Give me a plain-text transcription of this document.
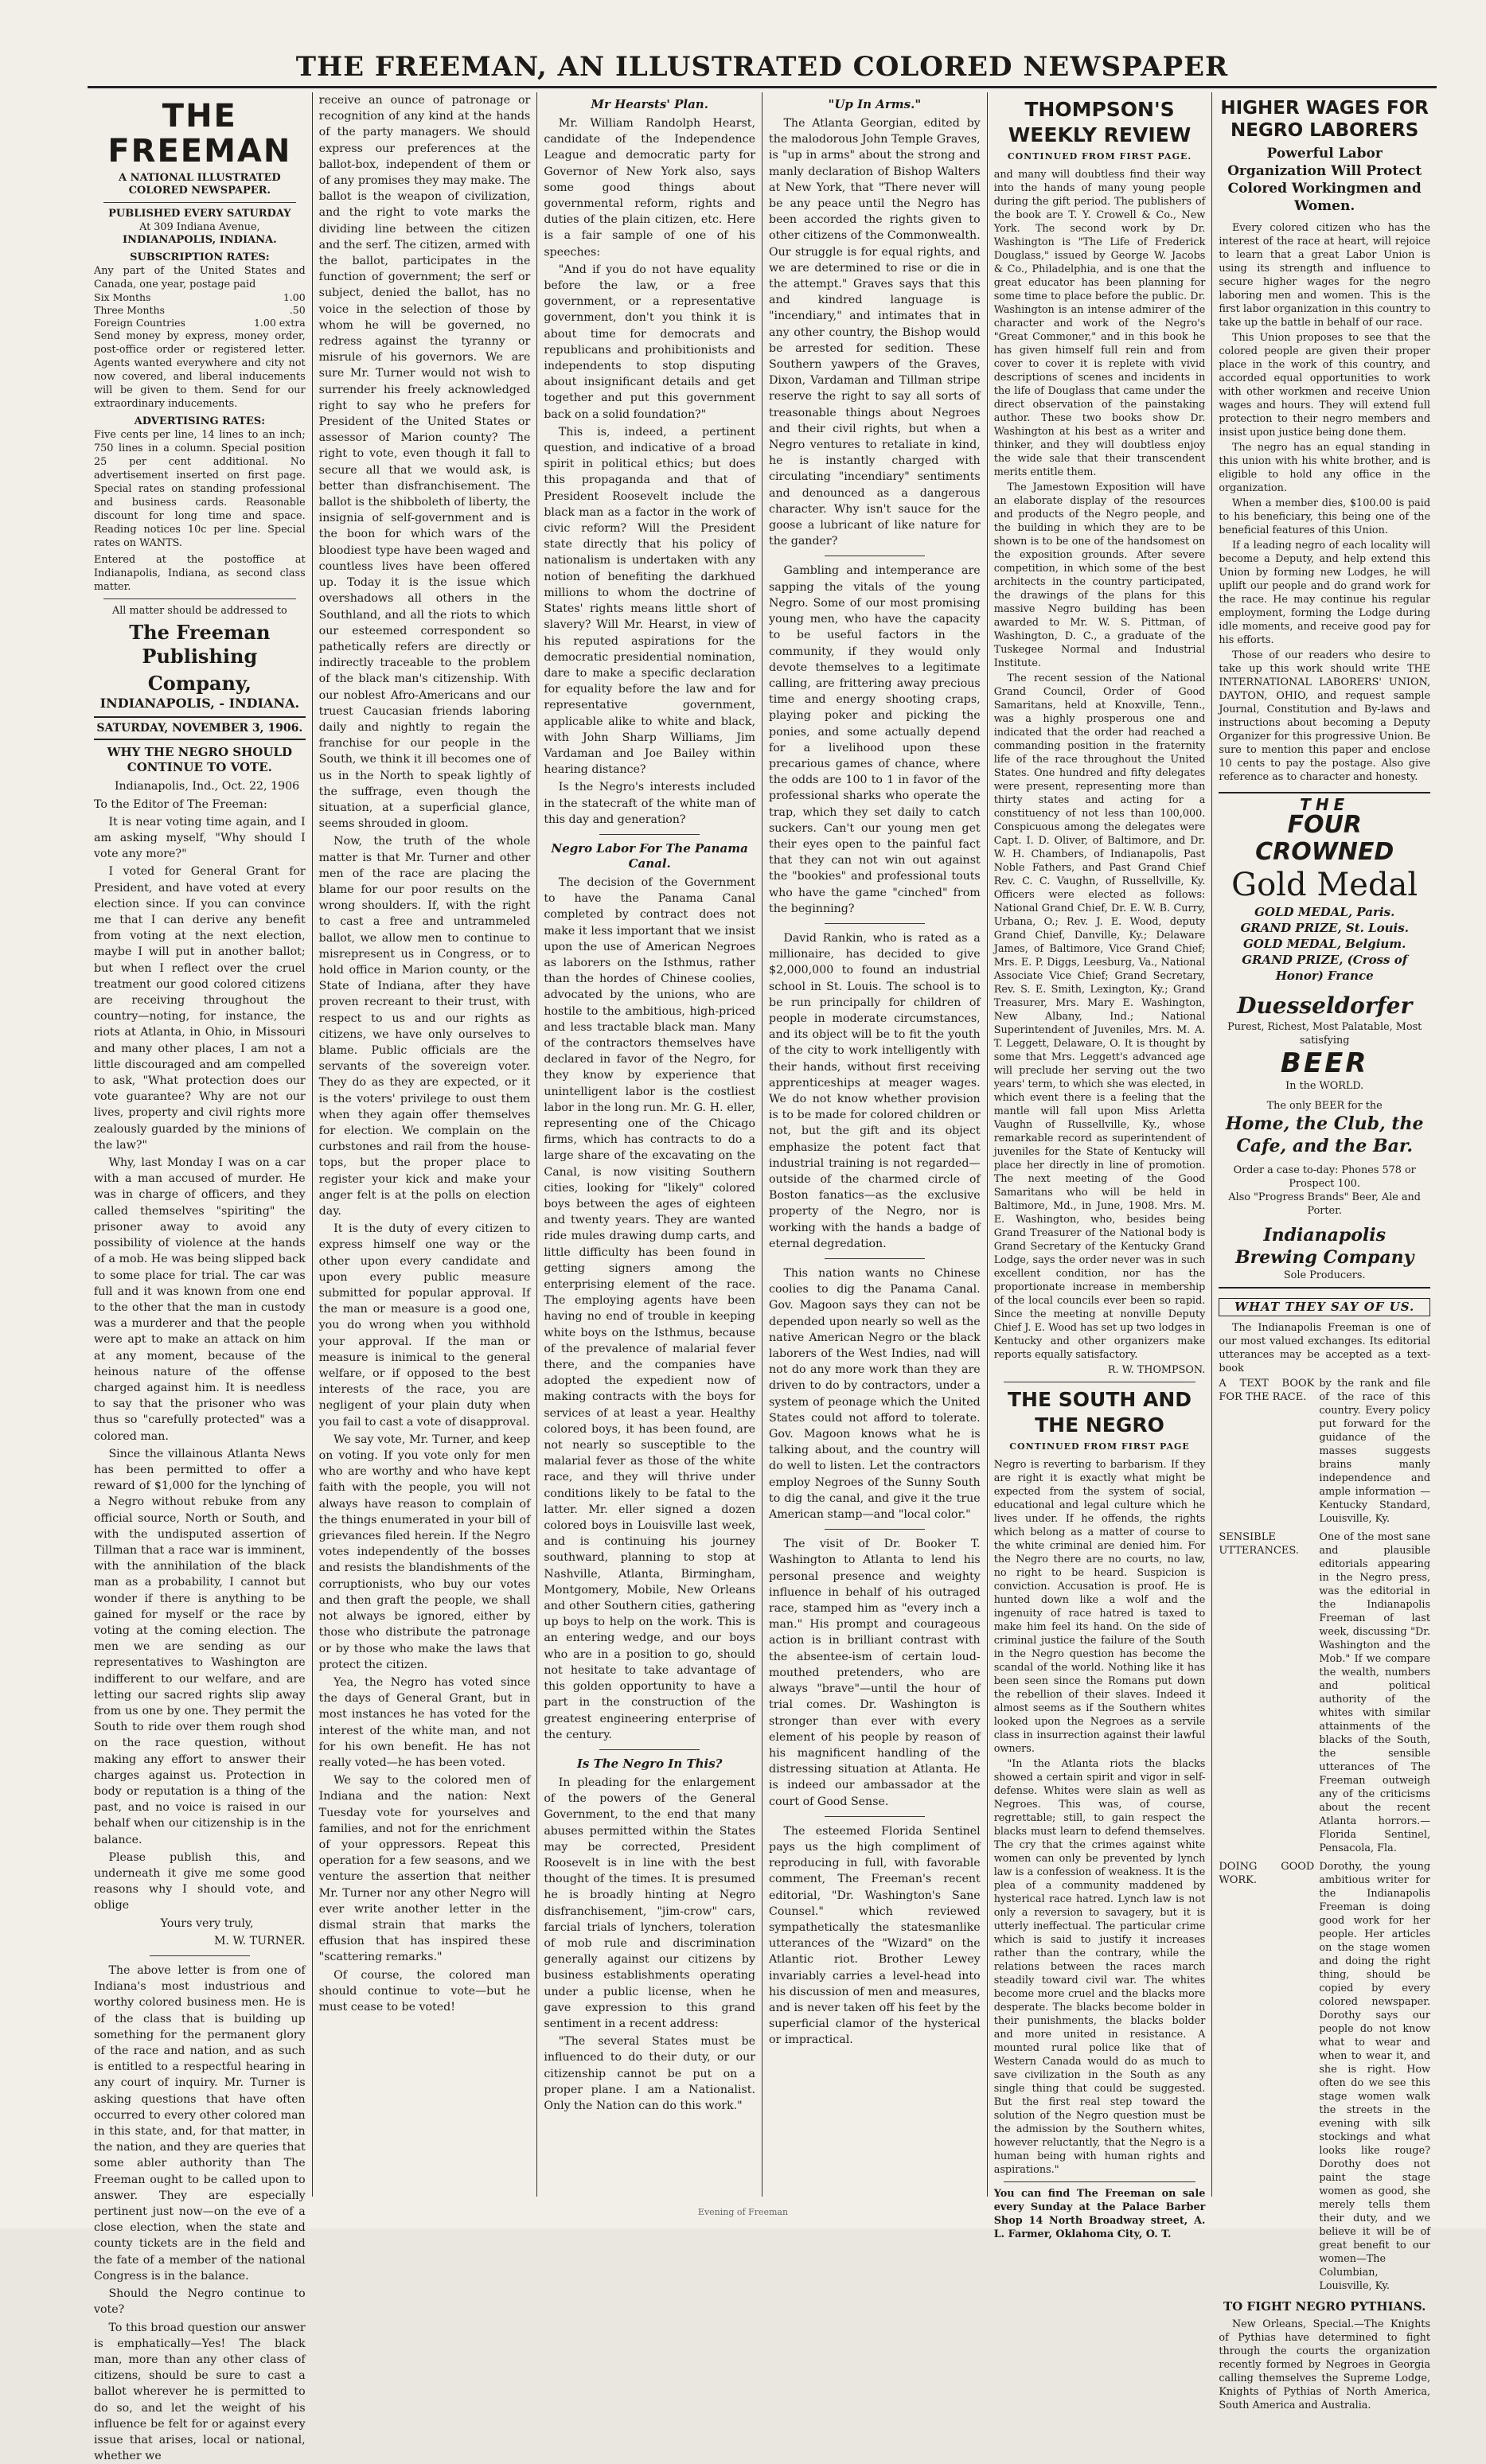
THE FREEMAN, AN ILLUSTRATED COLORED NEWSPAPER
THE FREEMAN
A NATIONAL ILLUSTRATED
COLORED NEWSPAPER.
PUBLISHED EVERY SATURDAY
At 309 Indiana Avenue,
INDIANAPOLIS, INDIANA.
SUBSCRIPTION RATES:
Any part of the United States and Canada, one year, postage paid
Six Months	1.00
Three Months	.50
Foreign Countries	1.00 extra
Send money by express, money order, post-office order or registered letter. Agents wanted everywhere and city not now covered, and liberal inducements will be given to them. Send for our extraordinary inducements.
ADVERTISING RATES:
Five cents per line, 14 lines to an inch; 750 lines in a column. Special position 25 per cent additional. No advertisement inserted on first page. Special rates on standing professional and business cards. Reasonable discount for long time and space. Reading notices 10c per line. Special rates on WANTS.
Entered at the postoffice at Indianapolis, Indiana, as second class matter.
All matter should be addressed to
The Freeman Publishing
Company,
INDIANAPOLIS, - INDIANA.
SATURDAY, NOVEMBER 3, 1906.
WHY THE NEGRO SHOULD CONTINUE TO VOTE.

Indianapolis, Ind., Oct. 22, 1906

To the Editor of The Freeman:

It is near voting time again, and I am asking myself, "Why should I vote any more?"

I voted for General Grant for President, and have voted at every election since. If you can convince me that I can derive any benefit from voting at the next election, maybe I will put in another ballot; but when I reflect over the cruel treatment our good colored citizens are receiving throughout the country—noting, for instance, the riots at Atlanta, in Ohio, in Missouri and many other places, I am not a little discouraged and am compelled to ask, "What protection does our vote guarantee? Why are not our lives, property and civil rights more zealously guarded by the minions of the law?"

Why, last Monday I was on a car with a man accused of murder. He was in charge of officers, and they called themselves "spiriting" the prisoner away to avoid any possibility of violence at the hands of a mob. He was being slipped back to some place for trial. The car was full and it was known from one end to the other that the man in custody was a murderer and that the people were apt to make an attack on him at any moment, because of the heinous nature of the offense charged against him. It is needless to say that the prisoner who was thus so "carefully protected" was a colored man.

Since the villainous Atlanta News has been permitted to offer a reward of $1,000 for the lynching of a Negro without rebuke from any official source, North or South, and with the undisputed assertion of Tillman that a race war is imminent, with the annihilation of the black man as a probability, I cannot but wonder if there is anything to be gained for myself or the race by voting at the coming election. The men we are sending as our representatives to Washington are indifferent to our welfare, and are letting our sacred rights slip away from us one by one. They permit the South to ride over them rough shod on the race question, without making any effort to answer their charges against us. Protection in body or reputation is a thing of the past, and no voice is raised in our behalf when our citizenship is in the balance.

Please publish this, and underneath it give me some good reasons why I should vote, and oblige

Yours very truly,

M. W. TURNER.

The above letter is from one of Indiana's most industrious and worthy colored business men. He is of the class that is building up something for the permanent glory of the race and nation, and as such is entitled to a respectful hearing in any court of inquiry. Mr. Turner is asking questions that have often occurred to every other colored man in this state, and, for that matter, in the nation, and they are queries that some abler authority than The Freeman ought to be called upon to answer. They are especially pertinent just now—on the eve of a close election, when the state and county tickets are in the field and the fate of a member of the national Congress is in the balance.

Should the Negro continue to vote?

To this broad question our answer is emphatically—Yes! The black man, more than any other class of citizens, should be sure to cast a ballot wherever he is permitted to do so, and let the weight of his influence be felt for or against every issue that arises, local or national, whether we

receive an ounce of patronage or recognition of any kind at the hands of the party managers. We should express our preferences at the ballot-box, independent of them or of any promises they may make. The ballot is the weapon of civilization, and the right to vote marks the dividing line between the citizen and the serf. The citizen, armed with the ballot, participates in the function of government; the serf or subject, denied the ballot, has no voice in the selection of those by whom he will be governed, no redress against the tyranny or misrule of his governors. We are sure Mr. Turner would not wish to surrender his freely acknowledged right to say who he prefers for President of the United States or assessor of Marion county? The right to vote, even though it fall to secure all that we would ask, is better than disfranchisement. The ballot is the shibboleth of liberty, the insignia of self-government and is the boon for which wars of the bloodiest type have been waged and countless lives have been offered up. Today it is the issue which overshadows all others in the Southland, and all the riots to which our esteemed correspondent so pathetically refers are directly or indirectly traceable to the problem of the black man's citizenship. With our noblest Afro-Americans and our truest Caucasian friends laboring daily and nightly to regain the franchise for our people in the South, we think it ill becomes one of us in the North to speak lightly of the suffrage, even though the situation, at a superficial glance, seems shrouded in gloom.

Now, the truth of the whole matter is that Mr. Turner and other men of the race are placing the blame for our poor results on the wrong shoulders. If, with the right to cast a free and untrammeled ballot, we allow men to continue to misrepresent us in Congress, or to hold office in Marion county, or the State of Indiana, after they have proven recreant to their trust, with respect to us and our rights as citizens, we have only ourselves to blame. Public officials are the servants of the sovereign voter. They do as they are expected, or it is the voters' privilege to oust them when they again offer themselves for election. We complain on the curbstones and rail from the house-tops, but the proper place to register your kick and make your anger felt is at the polls on election day.

It is the duty of every citizen to express himself one way or the other upon every candidate and upon every public measure submitted for popular approval. If the man or measure is a good one, you do wrong when you withhold your approval. If the man or measure is inimical to the general welfare, or if opposed to the best interests of the race, you are negligent of your plain duty when you fail to cast a vote of disapproval.

We say vote, Mr. Turner, and keep on voting. If you vote only for men who are worthy and who have kept faith with the people, you will not always have reason to complain of the things enumerated in your bill of grievances filed herein. If the Negro votes independently of the bosses and resists the blandishments of the corruptionists, who buy our votes and then graft the people, we shall not always be ignored, either by those who distribute the patronage or by those who make the laws that protect the citizen.

Yea, the Negro has voted since the days of General Grant, but in most instances he has voted for the interest of the white man, and not for his own benefit. He has not really voted—he has been voted.

We say to the colored men of Indiana and the nation: Next Tuesday vote for yourselves and families, and not for the enrichment of your oppressors. Repeat this operation for a few seasons, and we venture the assertion that neither Mr. Turner nor any other Negro will ever write another letter in the dismal strain that marks the effusion that has inspired these "scattering remarks."

Of course, the colored man should continue to vote—but he must cease to be voted!

Mr Hearsts' Plan.

Mr. William Randolph Hearst, candidate of the Independence League and democratic party for Governor of New York also, says some good things about governmental reform, rights and duties of the plain citizen, etc. Here is a fair sample of one of his speeches:

"And if you do not have equality before the law, or a free government, or a representative government, don't you think it is about time for democrats and republicans and prohibitionists and independents to stop disputing about insignificant details and get together and put this government back on a solid foundation?"

This is, indeed, a pertinent question, and indicative of a broad spirit in political ethics; but does this propaganda and that of President Roosevelt include the black man as a factor in the work of civic reform? Will the President state directly that his policy of nationalism is undertaken with any notion of benefiting the darkhued millions to whom the doctrine of States' rights means little short of slavery? Will Mr. Hearst, in view of his reputed aspirations for the democratic presidential nomination, dare to make a specific declaration for equality before the law and for representative government, applicable alike to white and black, with John Sharp Williams, Jim Vardaman and Joe Bailey within hearing distance?

Is the Negro's interests included in the statecraft of the white man of this day and generation?

Negro Labor For The Panama Canal.

The decision of the Government to have the Panama Canal completed by contract does not make it less important that we insist upon the use of American Negroes as laborers on the Isthmus, rather than the hordes of Chinese coolies, advocated by the unions, who are hostile to the ambitious, high-priced and less tractable black man. Many of the contractors themselves have declared in favor of the Negro, for they know by experience that unintelligent labor is the costliest labor in the long run. Mr. G. H. eller, representing one of the Chicago firms, which has contracts to do a large share of the excavating on the Canal, is now visiting Southern cities, looking for "likely" colored boys between the ages of eighteen and twenty years. They are wanted ride mules drawing dump carts, and little difficulty has been found in getting signers among the enterprising element of the race. The employing agents have been having no end of trouble in keeping white boys on the Isthmus, because of the prevalence of malarial fever there, and the companies have adopted the expedient now of making contracts with the boys for services of at least a year. Healthy colored boys, it has been found, are not nearly so susceptible to the malarial fever as those of the white race, and they will thrive under conditions likely to be fatal to the latter. Mr. eller signed a dozen colored boys in Louisville last week, and is continuing his journey southward, planning to stop at Nashville, Atlanta, Birmingham, Montgomery, Mobile, New Orleans and other Southern cities, gathering up boys to help on the work. This is an entering wedge, and our boys who are in a position to go, should not hesitate to take advantage of this golden opportunity to have a part in the construction of the greatest engineering enterprise of the century.

Is The Negro In This?

In pleading for the enlargement of the powers of the General Government, to the end that many abuses permitted within the States may be corrected, President Roosevelt is in line with the best thought of the times. It is presumed he is broadly hinting at Negro disfranchisement, "jim-crow" cars, farcial trials of lynchers, toleration of mob rule and discrimination generally against our citizens by business establishments operating under a public license, when he gave expression to this grand sentiment in a recent address:

"The several States must be influenced to do their duty, or our citizenship cannot be put on a proper plane. I am a Nationalist. Only the Nation can do this work."

"Up In Arms."

The Atlanta Georgian, edited by the malodorous John Temple Graves, is "up in arms" about the strong and manly declaration of Bishop Walters at New York, that "There never will be any peace until the Negro has been accorded the rights given to other citizens of the Commonwealth. Our struggle is for equal rights, and we are determined to rise or die in the attempt." Graves says that this and kindred language is "incendiary," and intimates that in any other country, the Bishop would be arrested for sedition. These Southern yawpers of the Graves, Dixon, Vardaman and Tillman stripe reserve the right to say all sorts of treasonable things about Negroes and their civil rights, but when a Negro ventures to retaliate in kind, he is instantly charged with circulating "incendiary" sentiments and denounced as a dangerous character. Why isn't sauce for the goose a lubricant of like nature for the gander?

Gambling and intemperance are sapping the vitals of the young Negro. Some of our most promising young men, who have the capacity to be useful factors in the community, if they would only devote themselves to a legitimate calling, are frittering away precious time and energy shooting craps, playing poker and picking the ponies, and some actually depend for a livelihood upon these precarious games of chance, where the odds are 100 to 1 in favor of the professional sharks who operate the trap, which they set daily to catch suckers. Can't our young men get their eyes open to the painful fact that they can not win out against the "bookies" and professional touts who have the game "cinched" from the beginning?

David Rankin, who is rated as a millionaire, has decided to give $2,000,000 to found an industrial school in St. Louis. The school is to be run principally for children of people in moderate circumstances, and its object will be to fit the youth of the city to work intelligently with their hands, without first receiving apprenticeships at meager wages. We do not know whether provision is to be made for colored children or not, but the gift and its object emphasize the potent fact that industrial training is not regarded—outside of the charmed circle of Boston fanatics—as the exclusive property of the Negro, nor is working with the hands a badge of eternal degredation.

This nation wants no Chinese coolies to dig the Panama Canal. Gov. Magoon says they can not be depended upon nearly so well as the native American Negro or the black laborers of the West Indies, nad will not do any more work than they are driven to do by contractors, under a system of peonage which the United States could not afford to tolerate. Gov. Magoon knows what he is talking about, and the country will do well to listen. Let the contractors employ Negroes of the Sunny South to dig the canal, and give it the true American stamp—and "local color."

The visit of Dr. Booker T. Washington to Atlanta to lend his personal presence and weighty influence in behalf of his outraged race, stamped him as "every inch a man." His prompt and courageous action is in brilliant contrast with the absentee-ism of certain loud-mouthed pretenders, who are always "brave"—until the hour of trial comes. Dr. Washington is stronger than ever with every element of his people by reason of his magnificent handling of the distressing situation at Atlanta. He is indeed our ambassador at the court of Good Sense.

The esteemed Florida Sentinel pays us the high compliment of reproducing in full, with favorable comment, The Freeman's recent editorial, "Dr. Washington's Sane Counsel." which reviewed sympathetically the statesmanlike utterances of the "Wizard" on the Atlantic riot. Brother Lewey invariably carries a level-head into his discussion of men and measures, and is never taken off his feet by the superficial clamor of the hysterical or impractical.

THOMPSON'S WEEKLY REVIEW
CONTINUED FROM FIRST PAGE.

and many will doubtless find their way into the hands of many young people during the gift period. The publishers of the book are T. Y. Crowell & Co., New York. The second work by Dr. Washington is "The Life of Frederick Douglass," issued by George W. Jacobs & Co., Philadelphia, and is one that the great educator has been planning for some time to place before the public. Dr. Washington is an intense admirer of the character and work of the Negro's "Great Commoner," and in this book he has given himself full rein and from cover to cover it is replete with vivid descriptions of scenes and incidents in the life of Douglass that came under the direct observation of the painstaking author. These two books show Dr. Washington at his best as a writer and thinker, and they will doubtless enjoy the wide sale that their transcendent merits entitle them.

The Jamestown Exposition will have an elaborate display of the resources and products of the Negro people, and the building in which they are to be shown is to be one of the handsomest on the exposition grounds. After severe competition, in which some of the best architects in the country participated, the drawings of the plans for this massive Negro building has been awarded to Mr. W. S. Pittman, of Washington, D. C., a graduate of the Tuskegee Normal and Industrial Institute.

The recent session of the National Grand Council, Order of Good Samaritans, held at Knoxville, Tenn., was a highly prosperous one and indicated that the order had reached a commanding position in the fraternity life of the race throughout the United States. One hundred and fifty delegates were present, representing more than thirty states and acting for a constituency of not less than 100,000. Conspicuous among the delegates were Capt. I. D. Oliver, of Baltimore, and Dr. W. H. Chambers, of Indianapolis, Past Noble Fathers, and Past Grand Chief Rev. C. C. Vaughn, of Russellville, Ky. Officers were elected as follows: National Grand Chief, Dr. E. W. B. Curry, Urbana, O.; Rev. J. E. Wood, deputy Grand Chief, Danville, Ky.; Delaware James, of Baltimore, Vice Grand Chief; Mrs. E. P. Diggs, Leesburg, Va., National Associate Vice Chief; Grand Secretary, Rev. S. E. Smith, Lexington, Ky.; Grand Treasurer, Mrs. Mary E. Washington, New Albany, Ind.; National Superintendent of Juveniles, Mrs. M. A. T. Leggett, Delaware, O. It is thought by some that Mrs. Leggett's advanced age will preclude her serving out the two years' term, to which she was elected, in which event there is a feeling that the mantle will fall upon Miss Arletta Vaughn of Russellville, Ky., whose remarkable record as superintendent of juveniles for the State of Kentucky will place her directly in line of promotion. The next meeting of the Good Samaritans who will be held in Baltimore, Md., in June, 1908. Mrs. M. E. Washington, who, besides being Grand Treasurer of the National body is Grand Secretary of the Kentucky Grand Lodge, says the order never was in such excellent condition, nor has the proportionate increase in membership of the local councils ever been so rapid. Since the meeting at nonville Deputy Chief J. E. Wood has set up two lodges in Kentucky and other organizers make reports equally satisfactory.

R. W. THOMPSON.

THE SOUTH AND THE NEGRO
CONTINUED FROM FIRST PAGE

Negro is reverting to barbarism. If they are right it is exactly what might be expected from the system of social, educational and legal culture which he lives under. If he offends, the rights which belong as a matter of course to the white criminal are denied him. For the Negro there are no courts, no law, no right to be heard. Suspicion is conviction. Accusation is proof. He is hunted down like a wolf and the ingenuity of race hatred is taxed to make him feel its hand. On the side of criminal justice the failure of the South in the Negro question has become the scandal of the world. Nothing like it has been seen since the Romans put down the rebellion of their slaves. Indeed it almost seems as if the Southern whites looked upon the Negroes as a servile class in insurrection against their lawful owners.

"In the Atlanta riots the blacks showed a certain spirit and vigor in self-defense. Whites were slain as well as Negroes. This was, of course, regrettable; still, to gain respect the blacks must learn to defend themselves. The cry that the crimes against white women can only be prevented by lynch law is a confession of weakness. It is the plea of a community maddened by hysterical race hatred. Lynch law is not only a reversion to savagery, but it is utterly ineffectual. The particular crime which is said to justify it increases rather than the contrary, while the relations between the races march steadily toward civil war. The whites become more cruel and the blacks more desperate. The blacks become bolder in their punishments, the blacks bolder and more united in resistance. A mounted rural police like that of Western Canada would do as much to save civilization in the South as any single thing that could be suggested. But the first real step toward the solution of the Negro question must be the admission by the Southern whites, however reluctantly, that the Negro is a human being with human rights and aspirations."

You can find The Freeman on sale every Sunday at the Palace Barber Shop 14 North Broadway street, A. L. Farmer, Oklahoma City, O. T.

HIGHER WAGES FOR NEGRO LABORERS
Powerful Labor Organization Will Protect Colored Workingmen and Women.

Every colored citizen who has the interest of the race at heart, will rejoice to learn that a great Labor Union is using its strength and influence to secure higher wages for the negro laboring men and women. This is the first labor organization in this country to take up the battle in behalf of our race.

This Union proposes to see that the colored people are given their proper place in the work of this country, and accorded equal opportunities to work with other workmen and receive Union wages and hours. They will extend full protection to their negro members and insist upon justice being done them.

The negro has an equal standing in this union with his white brother, and is eligible to hold any office in the organization.

When a member dies, $100.00 is paid to his beneficiary, this being one of the beneficial features of this Union.

If a leading negro of each locality will become a Deputy, and help extend this Union by forming new Lodges, he will uplift our people and do grand work for the race. He may continue his regular employment, forming the Lodge during idle moments, and receive good pay for his efforts.

Those of our readers who desire to take up this work should write THE INTERNATIONAL LABORERS' UNION, DAYTON, OHIO, and request sample Journal, Constitution and By-laws and instructions about becoming a Deputy Organizer for this progressive Union. Be sure to mention this paper and enclose 10 cents to pay the postage. Also give reference as to character and honesty.

THE
FOUR CROWNED
Gold Medal
GOLD MEDAL, Paris.
GRAND PRIZE, St. Louis.
GOLD MEDAL, Belgium.
GRAND PRIZE, (Cross of Honor) France
Duesseldorfer
Purest, Richest, Most Palatable, Most satisfying
BEER
In the WORLD.
The only BEER for the
Home, the Club, the Cafe, and the Bar.
Order a case to-day: Phones 578 or Prospect 100.
Also "Progress Brands" Beer, Ale and Porter.
Indianapolis Brewing Company
Sole Producers.
WHAT THEY SAY OF US.

The Indianapolis Freeman is one of our most valued exchanges. Its editorial utterances may be accepted as a text-book

A TEXT BOOK FOR THE RACE.
by the rank and file of the race of this country. Every policy put forward for the guidance of the masses suggests brains manly independence and ample information — Kentucky Standard, Louisville, Ky.
SENSIBLE UTTERANCES.
One of the most sane and plausible editorials appearing in the Negro press, was the editorial in the Indianapolis Freeman of last week, discussing "Dr. Washington and the Mob." If we compare the wealth, numbers and political authority of the whites with similar attainments of the blacks of the South, the sensible utterances of The Freeman outweigh any of the criticisms about the recent Atlanta horrors.—Florida Sentinel, Pensacola, Fla.
DOING GOOD WORK.
Dorothy, the young ambitious writer for the Indianapolis Freeman is doing good work for her people. Her articles on the stage women and doing the right thing, should be copied by every colored newspaper. Dorothy says our people do not know what to wear and when to wear it, and she is right. How often do we see this stage women walk the streets in the evening with silk stockings and what looks like rouge? Dorothy does not paint the stage women as good, she merely tells them their duty, and we believe it will be of great benefit to our women—The Columbian, Louisville, Ky.
TO FIGHT NEGRO PYTHIANS.

New Orleans, Special.—The Knights of Pythias have determined to fight through the courts the organization recently formed by Negroes in Georgia calling themselves the Supreme Lodge, Knights of Pythias of North America, South America and Australia.

Evening of Freeman
